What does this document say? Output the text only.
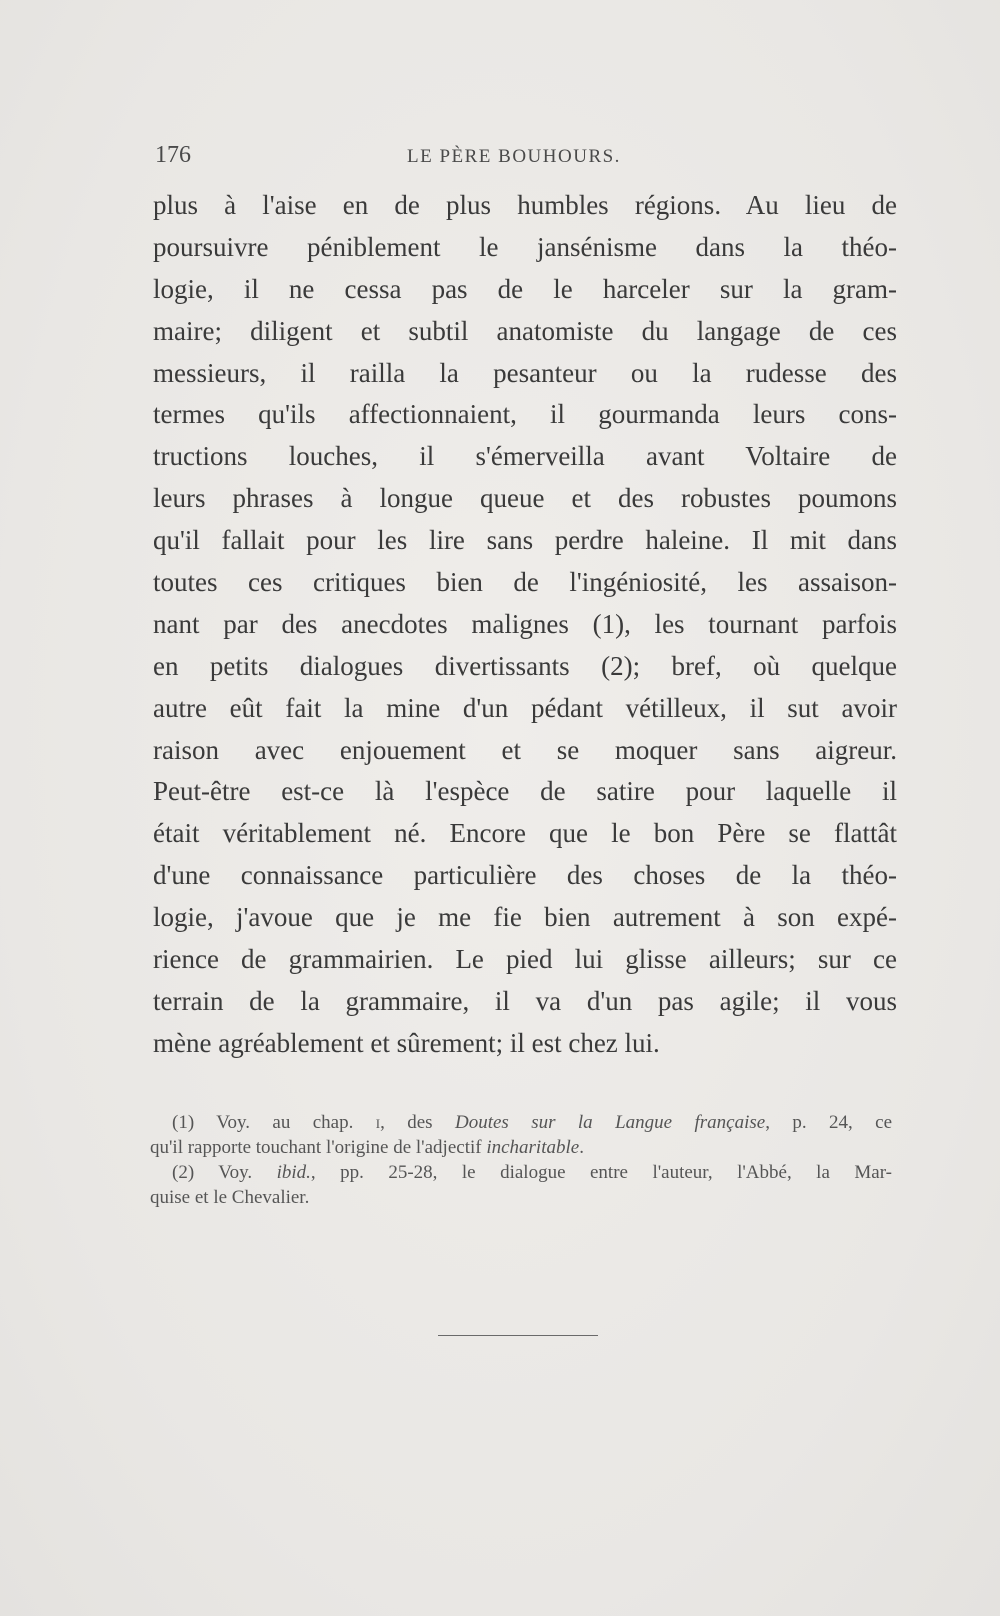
176	LE PÈRE BOUHOURS.
plus à l'aise en de plus humbles régions. Au lieu de
poursuivre péniblement le jansénisme dans la théo-
logie, il ne cessa pas de le harceler sur la gram-
maire; diligent et subtil anatomiste du langage de ces
messieurs, il railla la pesanteur ou la rudesse des
termes qu'ils affectionnaient, il gourmanda leurs cons-
tructions louches, il s'émerveilla avant Voltaire de
leurs phrases à longue queue et des robustes poumons
qu'il fallait pour les lire sans perdre haleine. Il mit dans
toutes ces critiques bien de l'ingéniosité, les assaison-
nant par des anecdotes malignes (1), les tournant parfois
en petits dialogues divertissants (2); bref, où quelque
autre eût fait la mine d'un pédant vétilleux, il sut avoir
raison avec enjouement et se moquer sans aigreur.
Peut-être est-ce là l'espèce de satire pour laquelle il
était véritablement né. Encore que le bon Père se flattât
d'une connaissance particulière des choses de la théo-
logie, j'avoue que je me fie bien autrement à son expé-
rience de grammairien. Le pied lui glisse ailleurs; sur ce
terrain de la grammaire, il va d'un pas agile; il vous
mène agréablement et sûrement; il est chez lui.
(1) Voy. au chap. i, des Doutes sur la Langue française, p. 24, ce
qu'il rapporte touchant l'origine de l'adjectif incharitable.
(2) Voy. ibid., pp. 25-28, le dialogue entre l'auteur, l'Abbé, la Mar-
quise et le Chevalier.
